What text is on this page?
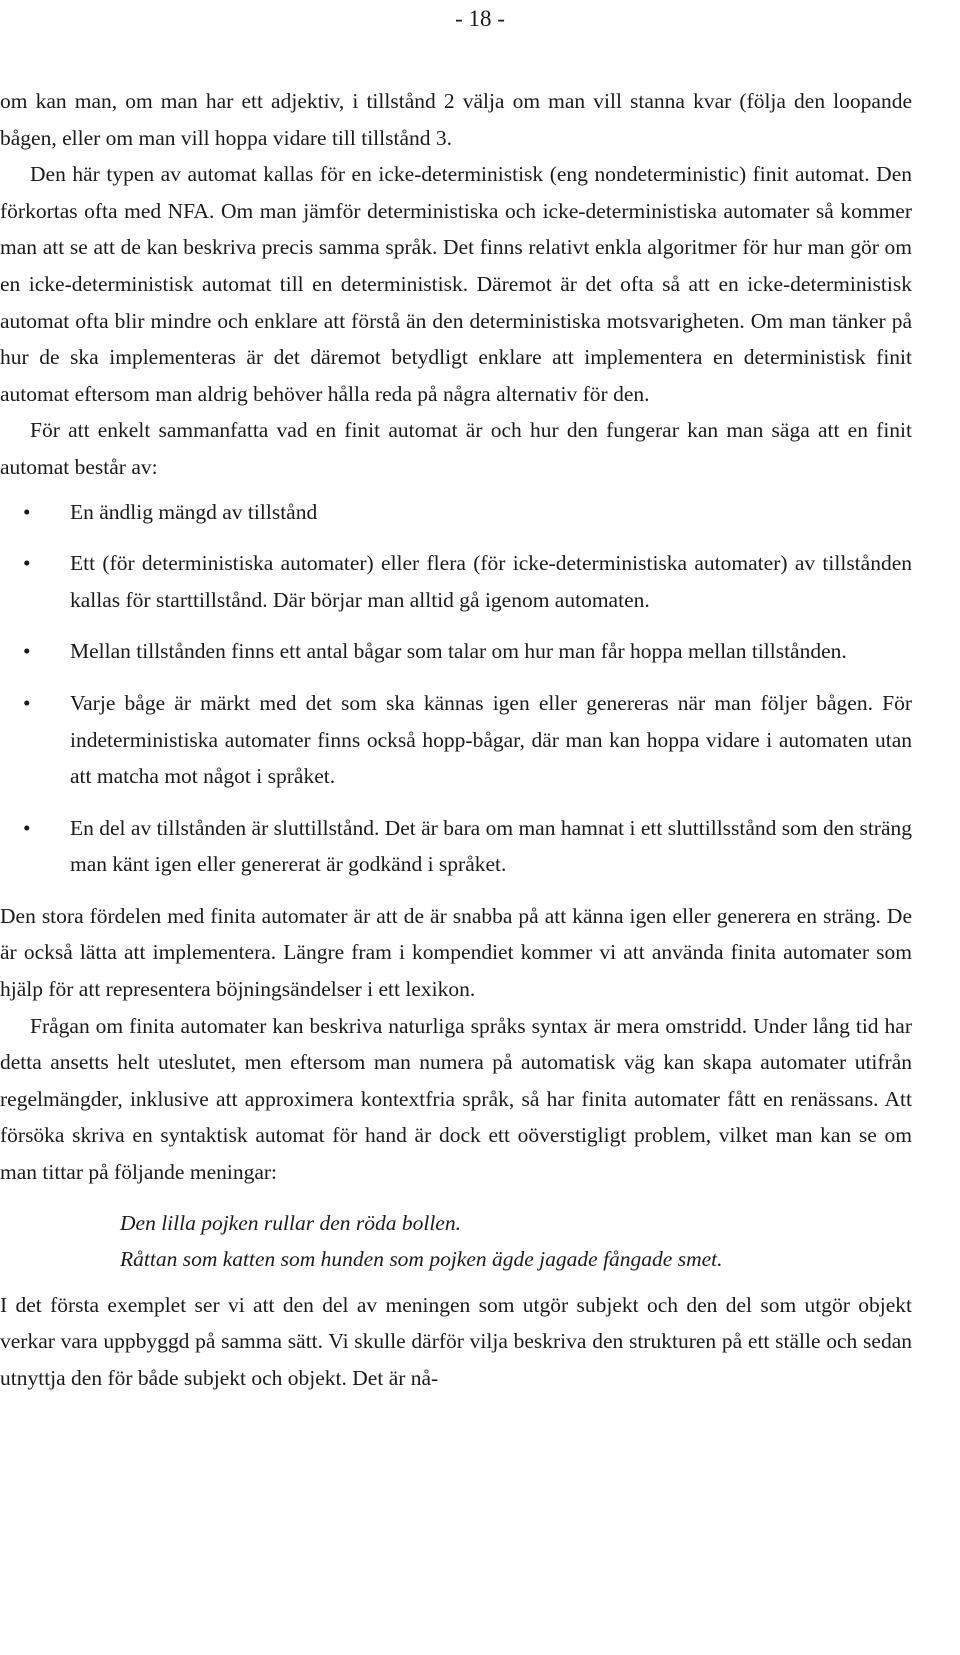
- 18 -

om kan man, om man har ett adjektiv, i tillstånd 2 välja om man vill stanna kvar (följa den loopande bågen, eller om man vill hoppa vidare till tillstånd 3.

Den här typen av automat kallas för en icke-deterministisk (eng nondeterministic) finit automat. Den förkortas ofta med NFA. Om man jämför deterministiska och icke-deterministiska automater så kommer man att se att de kan beskriva precis samma språk. Det finns relativt enkla algoritmer för hur man gör om en icke-deterministisk automat till en deterministisk. Däremot är det ofta så att en icke-deterministisk automat ofta blir mindre och enklare att förstå än den deterministiska motsvarigheten. Om man tänker på hur de ska implementeras är det däremot betydligt enklare att implementera en deterministisk finit automat eftersom man aldrig behöver hålla reda på några alternativ för den.

För att enkelt sammanfatta vad en finit automat är och hur den fungerar kan man säga att en finit automat består av:

• En ändlig mängd av tillstånd
• Ett (för deterministiska automater) eller flera (för icke-deterministiska automater) av tillstånden kallas för starttillstånd. Där börjar man alltid gå igenom automaten.
• Mellan tillstånden finns ett antal bågar som talar om hur man får hoppa mellan tillstånden.
• Varje båge är märkt med det som ska kännas igen eller genereras när man följer bågen. För indeterministiska automater finns också hopp-bågar, där man kan hoppa vidare i automaten utan att matcha mot något i språket.
• En del av tillstånden är sluttillstånd. Det är bara om man hamnat i ett sluttillsstånd som den sträng man känt igen eller genererat är godkänd i språket.

Den stora fördelen med finita automater är att de är snabba på att känna igen eller generera en sträng. De är också lätta att implementera. Längre fram i kompendiet kommer vi att använda finita automater som hjälp för att representera böjningsändelser i ett lexikon.

Frågan om finita automater kan beskriva naturliga språks syntax är mera omstridd. Under lång tid har detta ansetts helt uteslutet, men eftersom man numera på automatisk väg kan skapa automater utifrån regelmängder, inklusive att approximera kontextfria språk, så har finita automater fått en renässans. Att försöka skriva en syntaktisk automat för hand är dock ett oöverstigligt problem, vilket man kan se om man tittar på följande meningar:

Den lilla pojken rullar den röda bollen.
Råttan som katten som hunden som pojken ägde jagade fångade smet.

I det första exemplet ser vi att den del av meningen som utgör subjekt och den del som utgör objekt verkar vara uppbyggd på samma sätt. Vi skulle därför vilja beskriva den strukturen på ett ställe och sedan utnyttja den för både subjekt och objekt. Det är nå-
